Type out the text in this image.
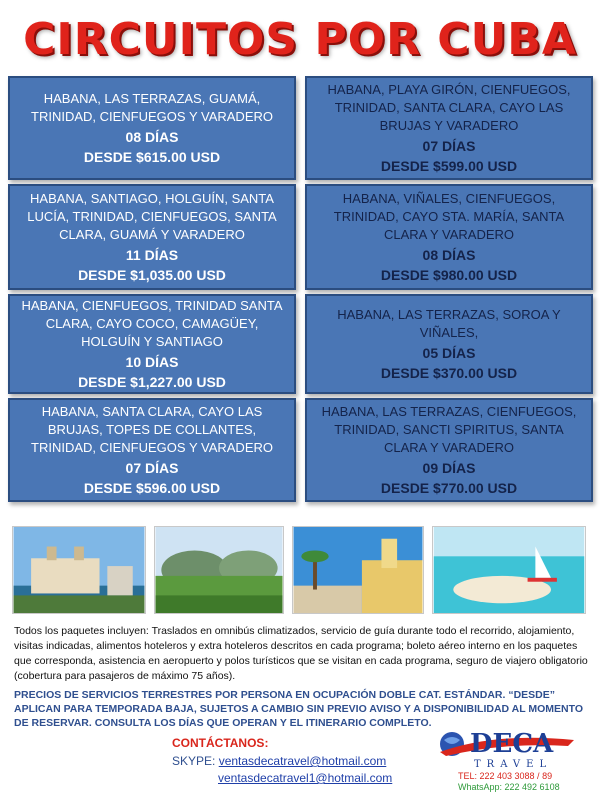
CIRCUITOS POR CUBA
HABANA, LAS TERRAZAS, GUAMÁ, TRINIDAD, CIENFUEGOS Y VARADERO
08 DÍAS
DESDE $615.00 USD
HABANA, PLAYA GIRÓN, CIENFUEGOS, TRINIDAD, SANTA CLARA, CAYO LAS BRUJAS Y VARADERO
07 DÍAS
DESDE $599.00 USD
HABANA, SANTIAGO, HOLGUÍN, SANTA LUCÍA, TRINIDAD, CIENFUEGOS, SANTA CLARA, GUAMÁ Y VARADERO
11 DÍAS
DESDE $1,035.00 USD
HABANA, VIÑALES, CIENFUEGOS, TRINIDAD, CAYO STA. MARÍA, SANTA CLARA Y VARADERO
08 DÍAS
DESDE $980.00 USD
HABANA, CIENFUEGOS, TRINIDAD SANTA CLARA, CAYO COCO, CAMAGÜEY, HOLGUÍN Y SANTIAGO
10 DÍAS
DESDE $1,227.00 USD
HABANA, LAS TERRAZAS, SOROA Y VIÑALES,
05 DÍAS
DESDE $370.00 USD
HABANA, SANTA CLARA, CAYO LAS BRUJAS, TOPES DE COLLANTES, TRINIDAD, CIENFUEGOS Y VARADERO
07 DÍAS
DESDE $596.00 USD
HABANA, LAS TERRAZAS, CIENFUEGOS, TRINIDAD, SANCTI SPIRITUS, SANTA CLARA Y VARADERO
09 DÍAS
DESDE $770.00 USD
Todos los paquetes incluyen: Traslados en omnibús climatizados, servicio de guía durante todo el recorrido, alojamiento, visitas indicadas, alimentos hoteleros y extra hoteleros descritos en cada programa; boleto aéreo interno en los paquetes que corresponda, asistencia en aeropuerto y polos turísticos que se visitan en cada programa, seguro de viajero obligatorio (cobertura para pasajeros de máximo 75 años).
PRECIOS DE SERVICIOS TERRESTRES POR PERSONA EN OCUPACIÓN DOBLE CAT. ESTÁNDAR. “DESDE” APLICAN PARA TEMPORADA BAJA, SUJETOS A CAMBIO SIN PREVIO AVISO Y A DISPONIBILIDAD AL MOMENTO DE RESERVAR. CONSULTA LOS DÍAS QUE OPERAN Y EL ITINERARIO COMPLETO.
CONTÁCTANOS:
SKYPE: ventasdecatravel@hotmail.com
ventasdecatravel1@hotmail.com
DECA
TRAVEL
TEL: 222 403 3088 / 89
WhatsApp: 222 492 6108
